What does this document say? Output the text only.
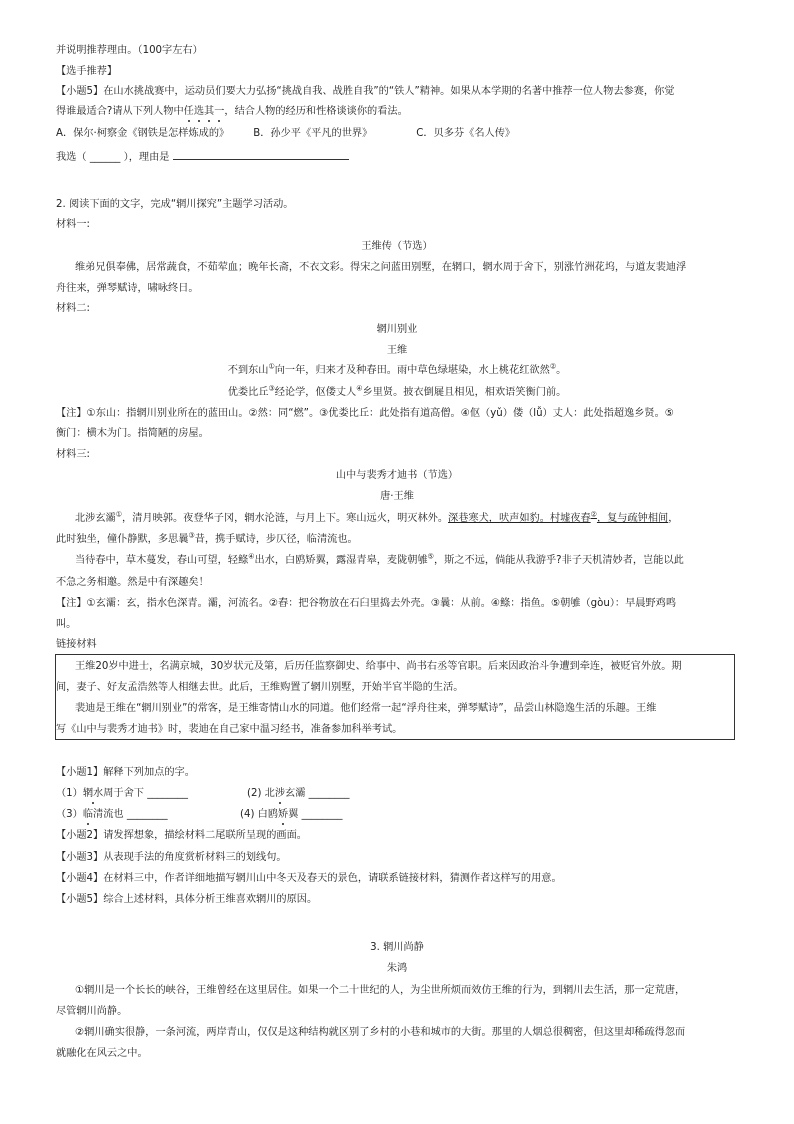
并说明推荐理由。（100字左右）
【选手推荐】
【小题5】在山水挑战赛中，运动员们要大力弘扬“挑战自我、战胜自我”的“铁人”精神。如果从本学期的名著中推荐一位人物去参赛，你觉
得谁最适合?请从下列人物中任选其一，结合人物的经历和性格谈谈你的看法。
A．保尔·柯察金《钢铁是怎样炼成的》 B．孙少平《平凡的世界》	C．贝多芬《名人传》
我选（ ______ ），理由是
2. 阅读下面的文字，完成“辋川探究”主题学习活动。
材料一:
王维传（节选）
维弟兄俱奉佛，居常蔬食，不茹荤血；晚年长斋，不衣文彩。得宋之问蓝田别墅，在辋口，辋水周于舍下，别涨竹洲花坞，与道友裴迪浮
舟往来，弹琴赋诗，啸咏终日。
材料二:
辋川别业
王维
不到东山①向一年，归来才及种春田。雨中草色绿堪染，水上桃花红欲然②。
优娄比丘③经论学，伛偻丈人④乡里贤。披衣倒屣且相见，相欢语笑衡门前。
【注】①东山：指辋川别业所在的蓝田山。②然：同“燃”。③优娄比丘：此处指有道高僧。④伛（yǔ）偻（lǚ）丈人：此处指超逸乡贤。⑤
衡门：横木为门。指简陋的房屋。
材料三:
山中与裴秀才迪书（节选）
唐·王维
北涉玄灞①，清月映郭。夜登华子冈，辋水沦涟，与月上下。寒山远火，明灭林外。深巷寒犬，吠声如豹。村墟夜舂②，复与疏钟相间，
此时独坐，僮仆静默，多思曩③昔，携手赋诗，步仄径，临清流也。
当待春中，草木蔓发，春山可望，轻鲦④出水，白鸥矫翼，露湿青皋，麦陇朝雊⑤，斯之不远，倘能从我游乎?非子天机清妙者，岂能以此
不急之务相邀。然是中有深趣矣！
【注】①玄灞：玄，指水色深青。灞，河流名。②舂：把谷物放在石臼里捣去外壳。③曩：从前。④鲦：指鱼。⑤朝雊（gòu）：早晨野鸡鸣
叫。
链接材料
王维20岁中进士，名满京城，30岁状元及第，后历任监察御史、给事中、尚书右丞等官职。后来因政治斗争遭到牵连，被贬官外放。期
间，妻子、好友孟浩然等人相继去世。此后，王维购置了辋川别墅，开始半官半隐的生活。
裴迪是王维在“辋川别业”的常客，是王维寄情山水的同道。他们经常一起“浮舟往来，弹琴赋诗”，品尝山林隐逸生活的乐趣。王维
写《山中与裴秀才迪书》时，裴迪在自己家中温习经书，准备参加科举考试。
【小题1】解释下列加点的字。
（1）辋水周于舍下 ________	(2) 北涉玄灞 ________
（3）临清流也 ________	(4) 白鸥矫翼 ________
【小题2】请发挥想象，描绘材料二尾联所呈现的画面。
【小题3】从表现手法的角度赏析材料三的划线句。
【小题4】在材料三中，作者详细地描写辋川山中冬天及春天的景色，请联系链接材料，猜测作者这样写的用意。
【小题5】综合上述材料，具体分析王维喜欢辋川的原因。
3. 辋川尚静
朱鸿
①辋川是一个长长的峡谷，王维曾经在这里居住。如果一个二十世纪的人，为尘世所烦而效仿王维的行为，到辋川去生活，那一定荒唐，
尽管辋川尚静。
②辋川确实很静，一条河流，两岸青山，仅仅是这种结构就区别了乡村的小巷和城市的大街。那里的人烟总很稠密，但这里却稀疏得忽而
就融化在风云之中。
